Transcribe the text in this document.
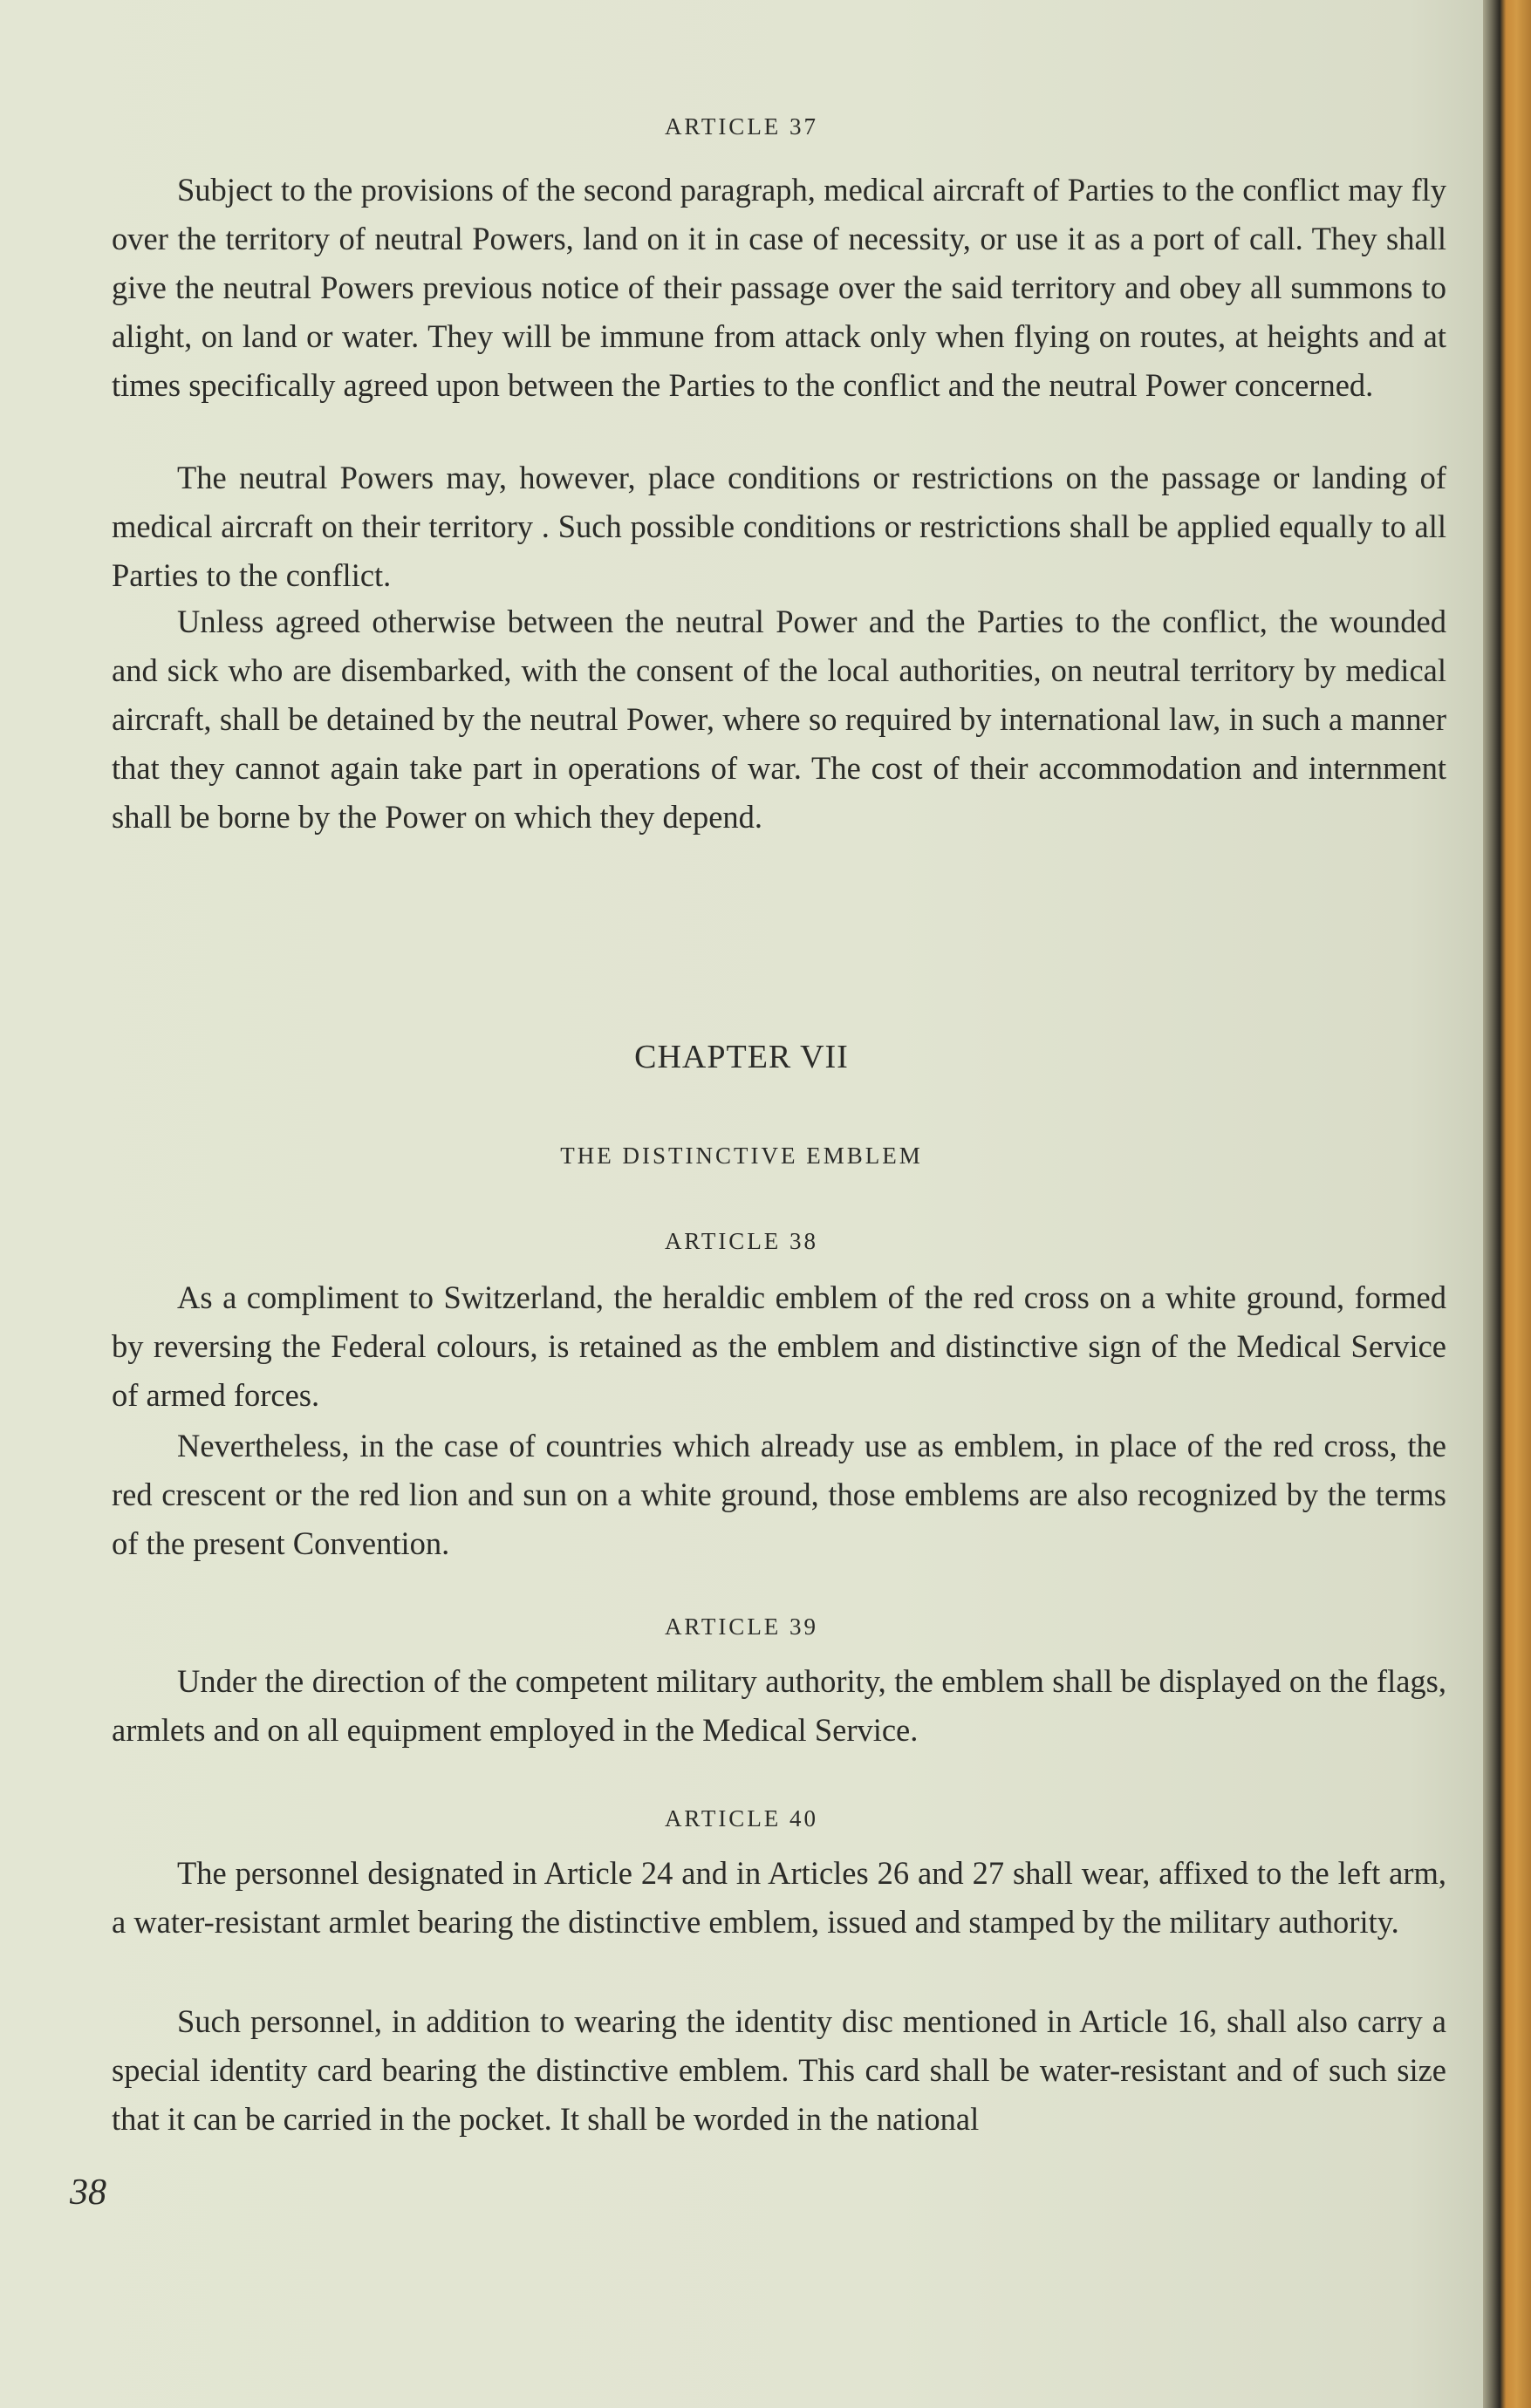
ARTICLE 37

Subject to the provisions of the second paragraph, medical aircraft of Parties to the conflict may fly over the territory of neutral Powers, land on it in case of necessity, or use it as a port of call. They shall give the neutral Powers previous notice of their passage over the said territory and obey all summons to alight, on land or water. They will be immune from attack only when flying on routes, at heights and at times specifically agreed upon between the Parties to the conflict and the neutral Power concerned.

The neutral Powers may, however, place conditions or restrictions on the passage or landing of medical aircraft on their territory . Such possible conditions or restrictions shall be applied equally to all Parties to the conflict.

Unless agreed otherwise between the neutral Power and the Parties to the conflict, the wounded and sick who are disembarked, with the consent of the local authorities, on neutral territory by medical aircraft, shall be detained by the neutral Power, where so required by international law, in such a manner that they cannot again take part in operations of war. The cost of their accommodation and internment shall be borne by the Power on which they depend.

CHAPTER VII
THE DISTINCTIVE EMBLEM
ARTICLE 38

As a compliment to Switzerland, the heraldic emblem of the red cross on a white ground, formed by reversing the Federal colours, is retained as the emblem and distinctive sign of the Medical Service of armed forces.

Nevertheless, in the case of countries which already use as emblem, in place of the red cross, the red crescent or the red lion and sun on a white ground, those emblems are also recognized by the terms of the present Convention.

ARTICLE 39

Under the direction of the competent military authority, the emblem shall be displayed on the flags, armlets and on all equipment employed in the Medical Service.

ARTICLE 40

The personnel designated in Article 24 and in Articles 26 and 27 shall wear, affixed to the left arm, a water-resistant armlet bearing the distinctive emblem, issued and stamped by the military authority.

Such personnel, in addition to wearing the identity disc mentioned in Article 16, shall also carry a special identity card bearing the distinctive emblem. This card shall be water-resistant and of such size that it can be carried in the pocket. It shall be worded in the national

38
